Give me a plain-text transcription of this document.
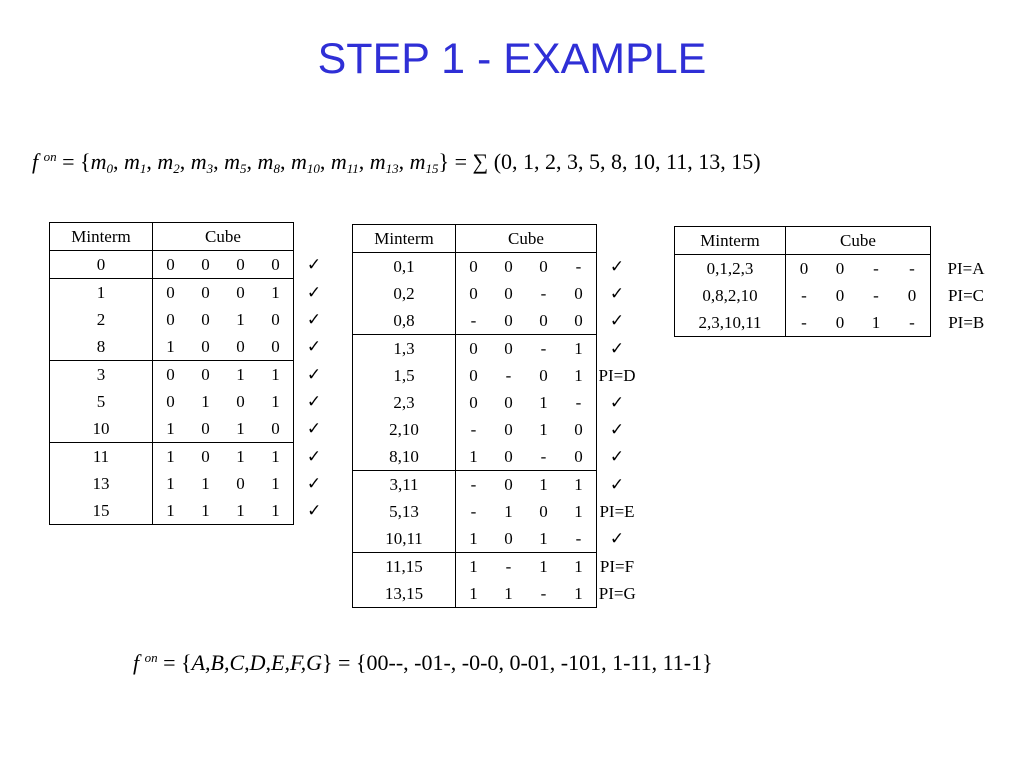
STEP 1 - EXAMPLE
f $^{on} = \{m_0$, $m_1$, $m_2$, $m_3$, $m_5$, $m_8$, $m_{10}$, $m_{11}$, $m_{13}$, $m_{15}$} = ∑ (0, 1, 2, 3, 5, 8, 10, 11, 13, 15)
Minterm	Cube				
0	0	0	0	0	✓
1	0	0	0	1	✓
2	0	0	1	0	✓
8	1	0	0	0	✓
3	0	0	1	1	✓
5	0	1	0	1	✓
10	1	0	1	0	✓
11	1	0	1	1	✓
13	1	1	0	1	✓
15	1	1	1	1	✓
Minterm	Cube				
0,1	0	0	0	-	✓
0,2	0	0	-	0	✓
0,8	-	0	0	0	✓
1,3	0	0	-	1	✓
1,5	0	-	0	1	PI=D
2,3	0	0	1	-	✓
2,10	-	0	1	0	✓
8,10	1	0	-	0	✓
3,11	-	0	1	1	✓
5,13	-	1	0	1	PI=E
10,11	1	0	1	-	✓
11,15	1	-	1	1	PI=F
13,15	1	1	-	1	PI=G
Minterm	Cube				
0,1,2,3	0	0	-	-	PI=A
0,8,2,10	-	0	-	0	PI=C
2,3,10,11	-	0	1	-	PI=B
f $^{on}$ = {A,B,C,D,E,F,G} = {00--, -01-, -0-0, 0-01, -101, 1-11, 11-1}
